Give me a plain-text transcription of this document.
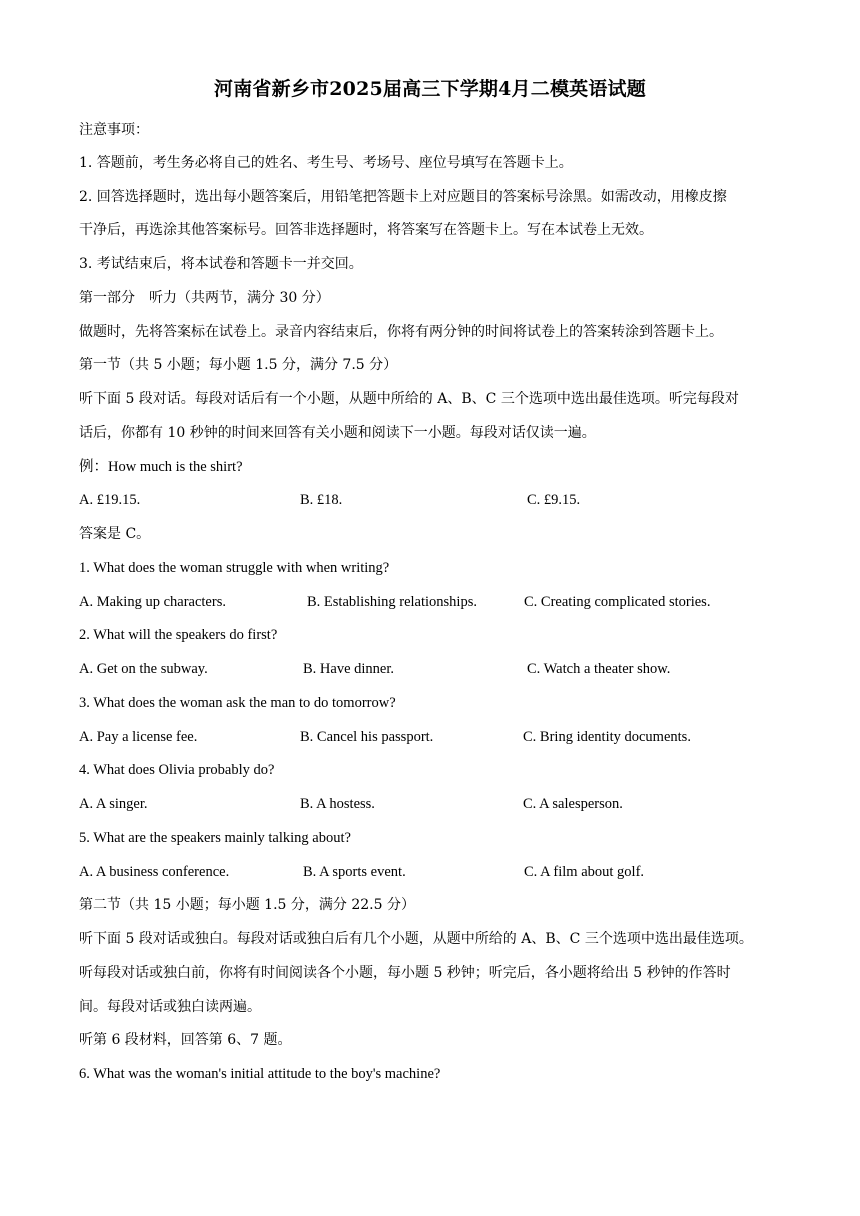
河南省新乡市2025届高三下学期4月二模英语试题
注意事项：
1. 答题前，考生务必将自己的姓名、考生号、考场号、座位号填写在答题卡上。
2. 回答选择题时，选出每小题答案后，用铅笔把答题卡上对应题目的答案标号涂黑。如需改动，用橡皮擦
干净后，再选涂其他答案标号。回答非选择题时，将答案写在答题卡上。写在本试卷上无效。
3. 考试结束后，将本试卷和答题卡一并交回。
第一部分　听力（共两节，满分 30 分）
做题时，先将答案标在试卷上。录音内容结束后，你将有两分钟的时间将试卷上的答案转涂到答题卡上。
第一节（共 5 小题；每小题 1.5 分，满分 7.5 分）
听下面 5 段对话。每段对话后有一个小题，从题中所给的 A、B、C 三个选项中选出最佳选项。听完每段对
话后，你都有 10 秒钟的时间来回答有关小题和阅读下一小题。每段对话仅读一遍。
例：How much is the shirt?
A. £19.15.	B. £18.	C. £9.15.
答案是 C。
1. What does the woman struggle with when writing?
A. Making up characters.	B. Establishing relationships.	C. Creating complicated stories.
2. What will the speakers do first?
A. Get on the subway.	B. Have dinner.	C. Watch a theater show.
3. What does the woman ask the man to do tomorrow?
A. Pay a license fee.	B. Cancel his passport.	C. Bring identity documents.
4. What does Olivia probably do?
A. A singer.	B. A hostess.	C. A salesperson.
5. What are the speakers mainly talking about?
A. A business conference.	B. A sports event.	C. A film about golf.
第二节（共 15 小题；每小题 1.5 分，满分 22.5 分）
听下面 5 段对话或独白。每段对话或独白后有几个小题，从题中所给的 A、B、C 三个选项中选出最佳选项。
听每段对话或独白前，你将有时间阅读各个小题，每小题 5 秒钟；听完后，各小题将给出 5 秒钟的作答时
间。每段对话或独白读两遍。
听第 6 段材料，回答第 6、7 题。
6. What was the woman's initial attitude to the boy's machine?
